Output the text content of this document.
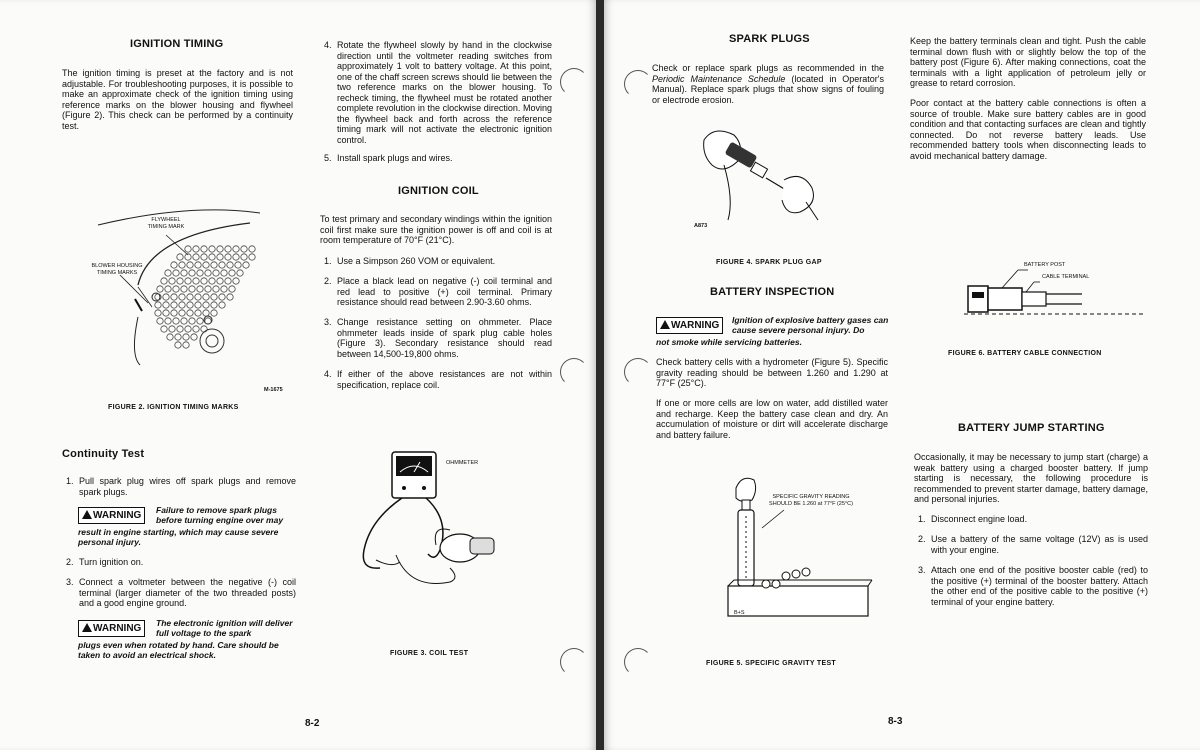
IGNITION TIMING
The ignition timing is preset at the factory and is not adjustable. For troubleshooting purposes, it is possible to make an approximate check of the ignition timing using reference marks on the blower housing and flywheel (Figure 2). This check can be performed by a continuity test.
FLYWHEEL TIMING MARK
BLOWER HOUSING TIMING MARKS
M-1675
FIGURE 2. IGNITION TIMING MARKS
Continuity Test
1. Pull spark plug wires off spark plugs and remove spark plugs.
WARNING Failure to remove spark plugs before turning engine over may
result in engine starting, which may cause severe personal injury.
2. Turn ignition on.
3. Connect a voltmeter between the negative (-) coil terminal (larger diameter of the two threaded posts) and a good engine ground.
WARNING The electronic ignition will deliver full voltage to the spark
plugs even when rotated by hand. Care should be taken to avoid an electrical shock.
4. Rotate the flywheel slowly by hand in the clockwise direction until the voltmeter reading switches from approximately 1 volt to battery voltage. At this point, one of the chaff screen screws should lie between the two reference marks on the blower housing. To recheck timing, the flywheel must be rotated another complete revolution in the clockwise direction. Moving the flywheel back and forth across the reference timing mark will not activate the electronic ignition control.
5. Install spark plugs and wires.
IGNITION COIL
To test primary and secondary windings within the ignition coil first make sure the ignition power is off and coil is at room temperature of 70°F (21°C).
1. Use a Simpson 260 VOM or equivalent.
2. Place a black lead on negative (-) coil terminal and red lead to positive (+) coil terminal. Primary resistance should read between 2.90-3.60 ohms.
3. Change resistance setting on ohmmeter. Place ohmmeter leads inside of spark plug cable holes (Figure 3). Secondary resistance should read between 14,500-19,800 ohms.
4. If either of the above resistances are not within specification, replace coil.
OHMMETER
FIGURE 3. COIL TEST
8-2
SPARK PLUGS
Check or replace spark plugs as recommended in the Periodic Maintenance Schedule (located in Operator's Manual). Replace spark plugs that show signs of fouling or electrode erosion.
A873
FIGURE 4. SPARK PLUG GAP
BATTERY INSPECTION
WARNING Ignition of explosive battery gases can cause severe personal injury. Do
not smoke while servicing batteries.
Check battery cells with a hydrometer (Figure 5). Specific gravity reading should be between 1.260 and 1.290 at 77°F (25°C).
If one or more cells are low on water, add distilled water and recharge. Keep the battery case clean and dry. An accumulation of moisture or dirt will accelerate discharge and battery failure.
SPECIFIC GRAVITY READING SHOULD BE 1.260 at 77°F (25°C)
B+S
FIGURE 5. SPECIFIC GRAVITY TEST
Keep the battery terminals clean and tight. Push the cable terminal down flush with or slightly below the top of the battery post (Figure 6). After making connections, coat the terminals with a light application of petroleum jelly or grease to retard corrosion.
Poor contact at the battery cable connections is often a source of trouble. Make sure battery cables are in good condition and that contacting surfaces are clean and tightly connected. Do not reverse battery leads. Use recommended battery tools when disconnecting leads to avoid mechanical battery damage.
BATTERY POST
CABLE TERMINAL
FIGURE 6. BATTERY CABLE CONNECTION
BATTERY JUMP STARTING
Occasionally, it may be necessary to jump start (charge) a weak battery using a charged booster battery. If jump starting is necessary, the following procedure is recommended to prevent starter damage, battery damage, and personal injuries.
1. Disconnect engine load.
2. Use a battery of the same voltage (12V) as is used with your engine.
3. Attach one end of the positive booster cable (red) to the positive (+) terminal of the booster battery. Attach the other end of the positive cable to the positive (+) terminal of your engine battery.
8-3
